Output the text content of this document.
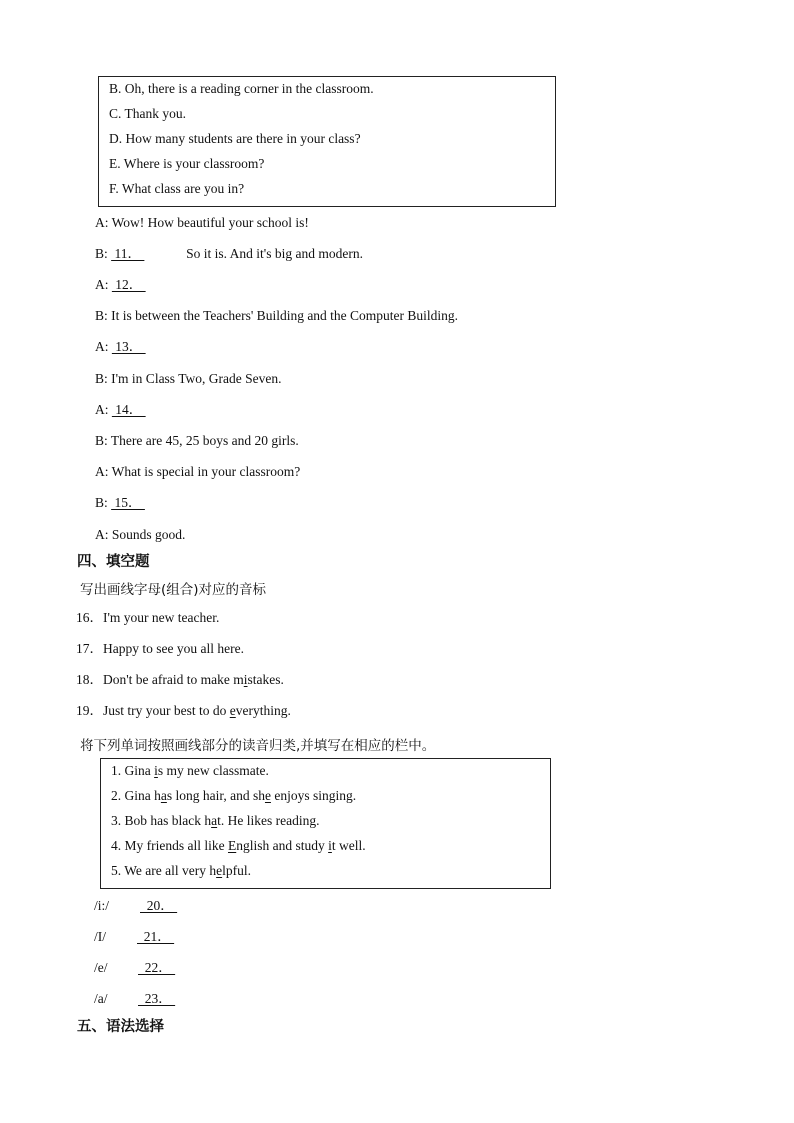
B. Oh, there is a reading corner in the classroom.
C. Thank you.
D. How many students are there in your class?
E. Where is your classroom?
F. What class are you in?
A: Wow! How beautiful your school is!
B:  11．	So it is. And it's big and modern.
A:  12．
B: It is between the Teachers' Building and the Computer Building.
A:  13．
B: I'm in Class Two, Grade Seven.
A:  14．
B: There are 45, 25 boys and 20 girls.
A: What is special in your classroom?
B:  15．
A: Sounds good.
四、填空题
写出画线字母(组合)对应的音标
16．I'm your new teacher.
17．Happy to see you all here.
18．Don't be afraid to make mistakes.
19．Just try your best to do everything.
将下列单词按照画线部分的读音归类,并填写在相应的栏中。
1. Gina is my new classmate.
2. Gina has long hair, and she enjoys singing.
3. Bob has black hat. He likes reading.
4. My friends all like English and study it well.
5. We are all very helpful.
/i:/  20．
/I/  21．
/e/  22．
/a/  23．
五、语法选择
